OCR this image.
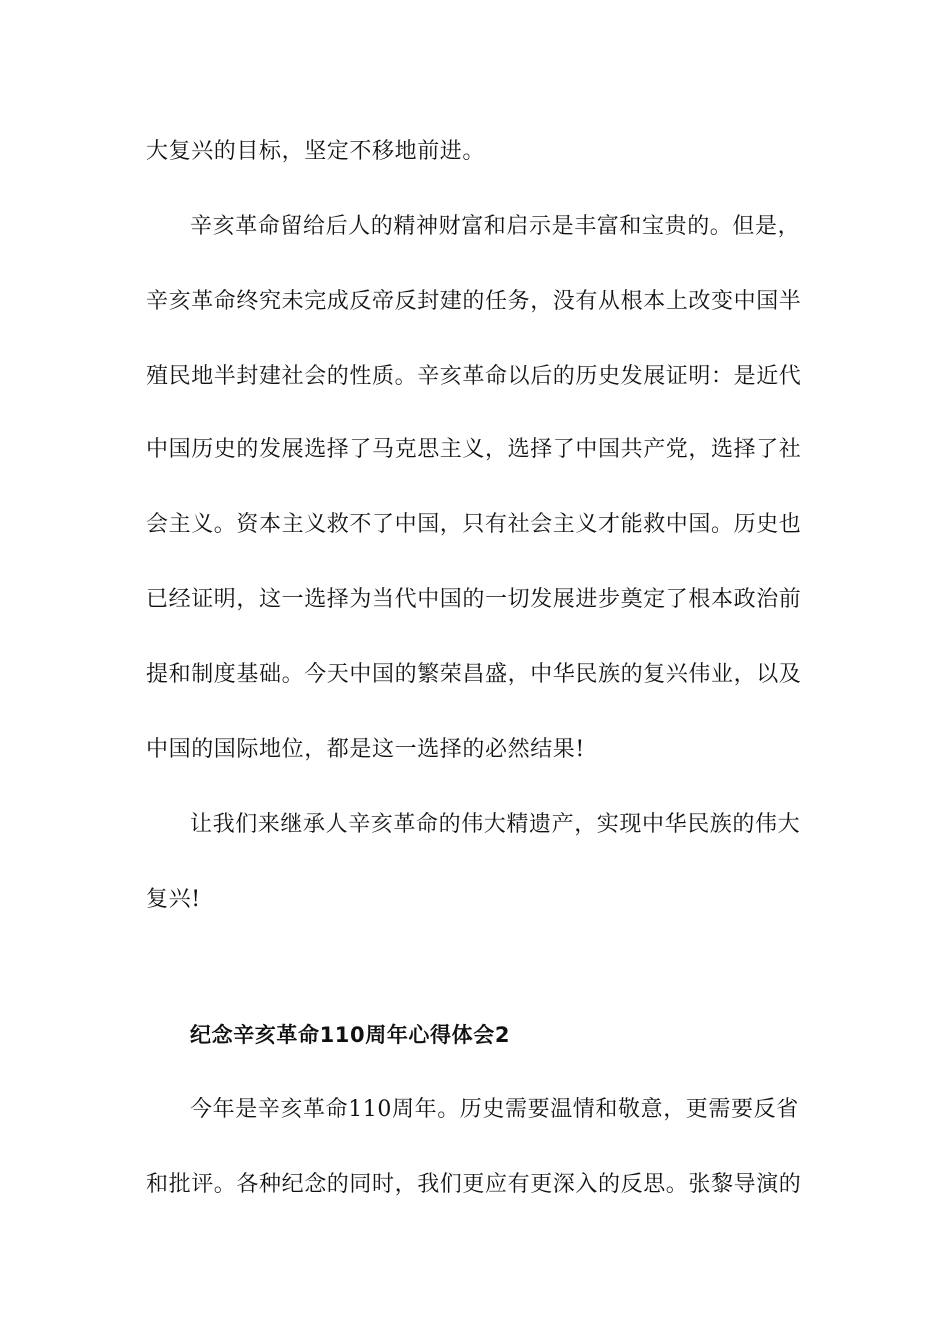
大复兴的目标，坚定不移地前进。
辛亥革命留给后人的精神财富和启示是丰富和宝贵的。但是，
辛亥革命终究未完成反帝反封建的任务，没有从根本上改变中国半
殖民地半封建社会的性质。辛亥革命以后的历史发展证明：是近代
中国历史的发展选择了马克思主义，选择了中国共产党，选择了社
会主义。资本主义救不了中国，只有社会主义才能救中国。历史也
已经证明，这一选择为当代中国的一切发展进步奠定了根本政治前
提和制度基础。今天中国的繁荣昌盛，中华民族的复兴伟业，以及
中国的国际地位，都是这一选择的必然结果!
让我们来继承人辛亥革命的伟大精遗产，实现中华民族的伟大
复兴!
纪念辛亥革命110周年心得体会2
今年是辛亥革命110周年。历史需要温情和敬意，更需要反省
和批评。各种纪念的同时，我们更应有更深入的反思。张黎导演的
